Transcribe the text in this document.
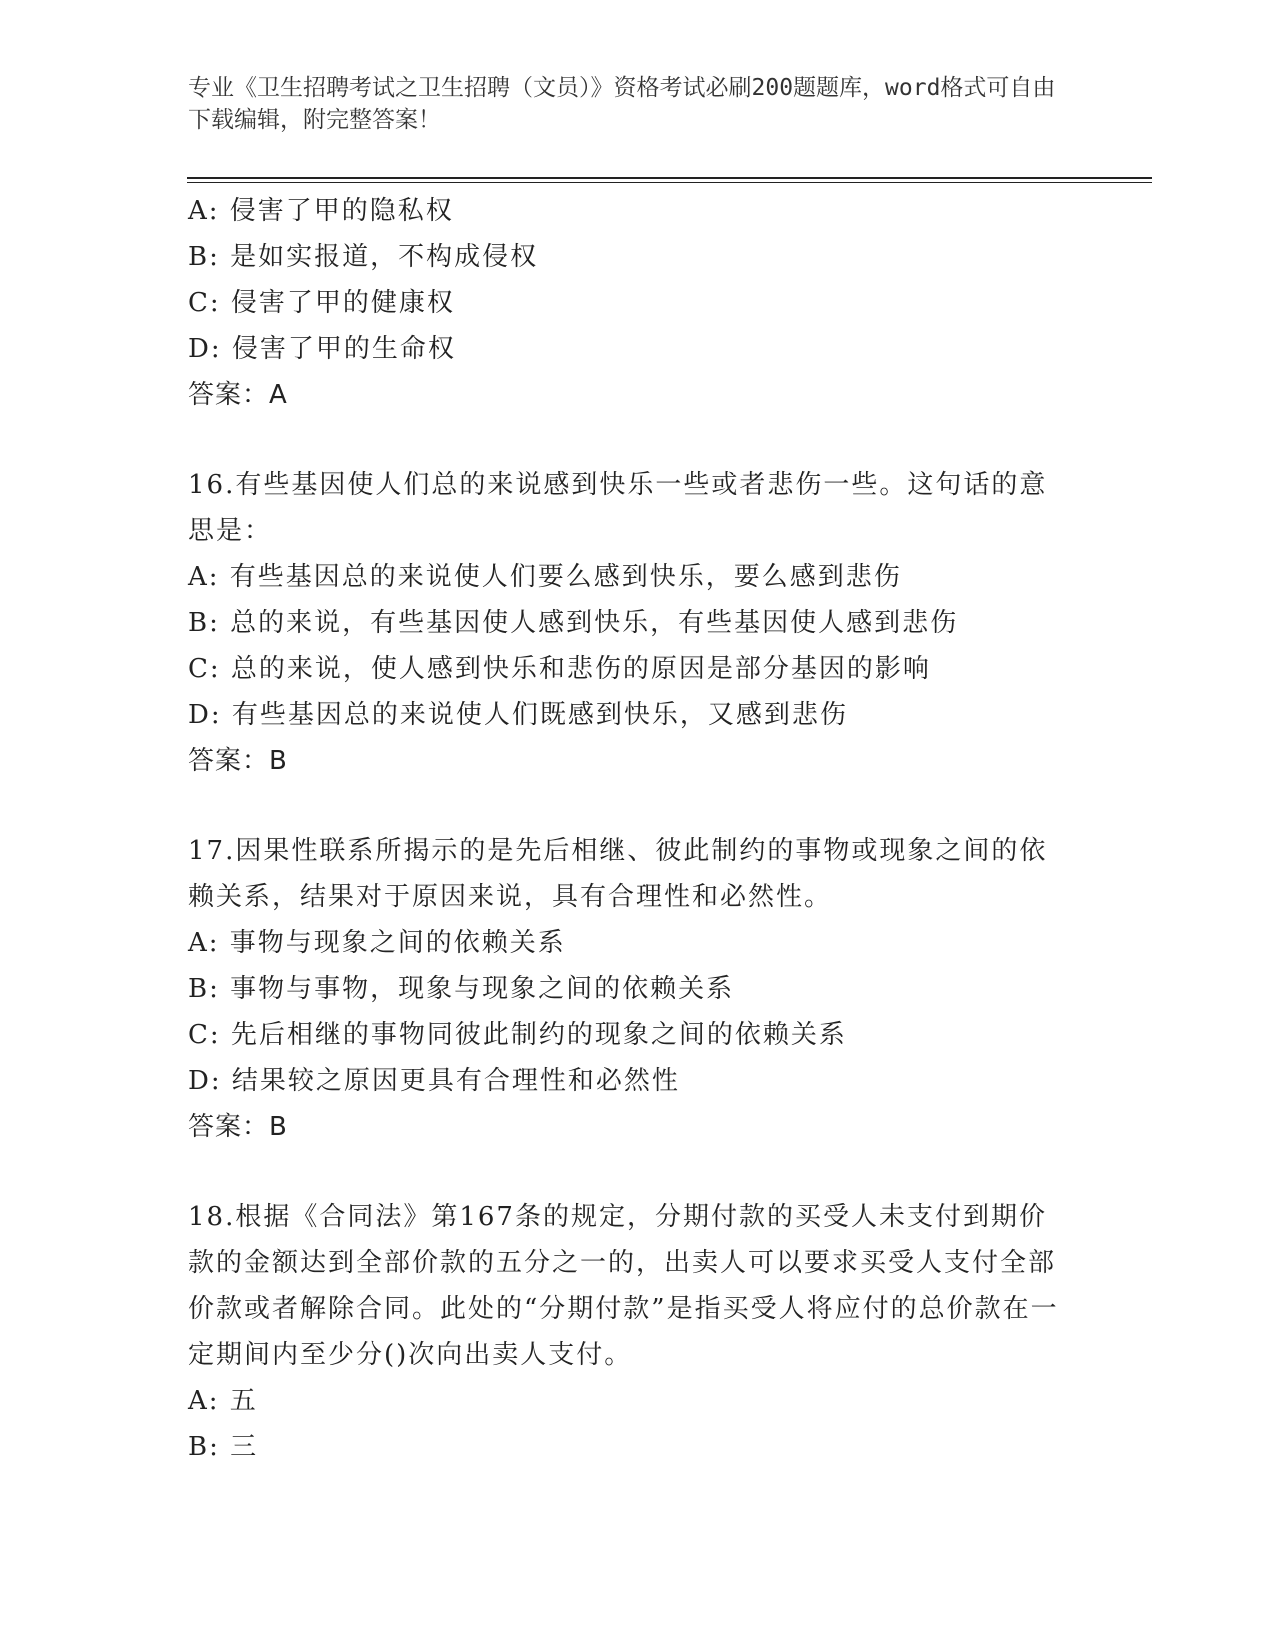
专业《卫生招聘考试之卫生招聘（文员）》资格考试必刷200题题库，word格式可自由下载编辑，附完整答案！
A: 侵害了甲的隐私权
B: 是如实报道，不构成侵权
C: 侵害了甲的健康权
D: 侵害了甲的生命权
答案：A
16.有些基因使人们总的来说感到快乐一些或者悲伤一些。这句话的意思是：
A: 有些基因总的来说使人们要么感到快乐，要么感到悲伤
B: 总的来说，有些基因使人感到快乐，有些基因使人感到悲伤
C: 总的来说，使人感到快乐和悲伤的原因是部分基因的影响
D: 有些基因总的来说使人们既感到快乐，又感到悲伤
答案：B
17.因果性联系所揭示的是先后相继、彼此制约的事物或现象之间的依赖关系，结果对于原因来说，具有合理性和必然性。
A: 事物与现象之间的依赖关系
B: 事物与事物，现象与现象之间的依赖关系
C: 先后相继的事物同彼此制约的现象之间的依赖关系
D: 结果较之原因更具有合理性和必然性
答案：B
18.根据《合同法》第167条的规定，分期付款的买受人未支付到期价款的金额达到全部价款的五分之一的，出卖人可以要求买受人支付全部价款或者解除合同。此处的“分期付款”是指买受人将应付的总价款在一定期间内至少分()次向出卖人支付。
A: 五
B: 三
